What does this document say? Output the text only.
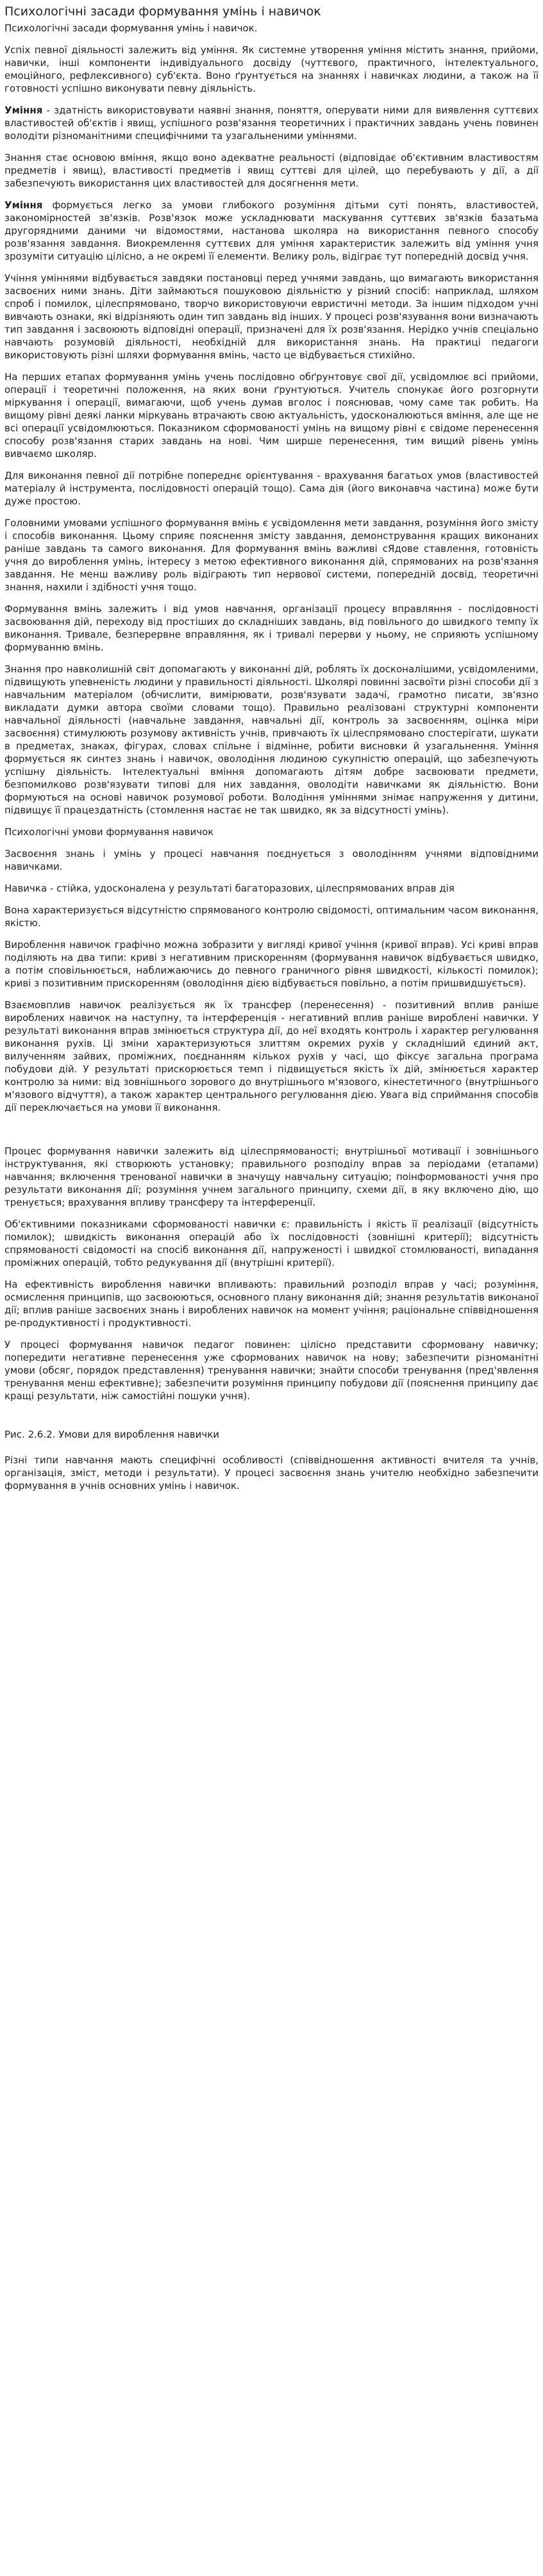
Психологічні засади формування умінь і навичок

Психологічні засади формування умінь і навичок.

Успіх певної діяльності залежить від уміння. Як системне утворення уміння містить знання, прийоми, навички, інші компоненти індивідуального досвіду (чуттєвого, практичного, інтелектуального, емоційного, рефлексивного) суб'єкта. Воно ґрунтується на знаннях і навичках людини, а також на її готовності успішно виконувати певну діяльність.

Уміння - здатність використовувати наявні знання, поняття, оперувати ними для виявлення суттєвих властивостей об'єктів і явищ, успішного розв'язання теоретичних і практичних завдань учень повинен володіти різноманітними специфічними та узагальненими уміннями.

Знання стає основою вміння, якщо воно адекватне реальності (відповідає об'єктивним властивостям предметів і явищ), властивості предметів і явищ суттєві для цілей, що перебувають у дії, а дії забезпечують використання цих властивостей для досягнення мети.

Уміння формується легко за умови глибокого розуміння дітьми суті понять, властивостей, закономірностей зв'язків. Розв'язок може ускладнювати маскування суттєвих зв'язків базатьма другорядними даними чи відомостями, настанова школяра на використання певного способу розв'язання завдання. Виокремлення суттєвих для уміння характеристик залежить від уміння учня зрозуміти ситуацію цілісно, а не окремі її елементи. Велику роль, відіграє тут попередній досвід учня.

Учіння уміннями відбувається завдяки постановці перед учнями завдань, що вимагають використання засвоєних ними знань. Діти займаються пошуковою діяльністю у різний спосіб: наприклад, шляхом спроб і помилок, цілеспрямовано, творчо використовуючи евристичні методи. За іншим підходом учні вивчають ознаки, які відрізняють один тип завдань від інших. У процесі розв'язування вони визначають тип завдання і засвоюють відповідні операції, призначені для їх розв'язання. Нерідко учнів спеціально навчають розумовій діяльності, необхідній для використання знань. На практиці педагоги використовують різні шляхи формування вмінь, часто це відбувається стихійно.

На перших етапах формування умінь учень послідовно обґрунтовує свої дії, усвідомлює всі прийоми, операції і теоретичні положення, на яких вони ґрунтуються. Учитель спонукає його розгорнути міркування і операції, вимагаючи, щоб учень думав вголос і пояснював, чому саме так робить. На вищому рівні деякі ланки міркувань втрачають свою актуальність, удосконалюються вміння, але ще не всі операції усвідомлюються. Показником сформованості умінь на вищому рівні є свідоме перенесення способу розв'язання старих завдань на нові. Чим ширше перенесення, тим вищий рівень умінь вивчаємо школяр.

Для виконання певної дії потрібне попереднє орієнтування - врахування багатьох умов (властивостей матеріалу й інструмента, послідовності операцій тощо). Сама дія (його виконавча частина) може бути дуже простою.

Головними умовами успішного формування вмінь є усвідомлення мети завдання, розуміння його змісту і способів виконання. Цьому сприяє пояснення змісту завдання, демонстрування кращих виконаних раніше завдань та самого виконання. Для формування вмінь важливі сЯдове ставлення, готовність учня до вироблення умінь, інтересу з метою ефективного виконання дій, спрямованих на розв'язання завдання. Не менш важливу роль відіграють тип нервової системи, попередній досвід, теоретичні знання, нахили і здібності учня тощо.

Формування вмінь залежить і від умов навчання, організації процесу вправляння - послідовності засвоювання дій, переходу від простіших до складніших завдань, від повільного до швидкого темпу їх виконання. Тривале, безперервне вправляння, як і тривалі перерви у ньому, не сприяють успішному формуванню вмінь.

Знання про навколишній світ допомагають у виконанні дій, роблять їх досконалішими, усвідомленими, підвищують упевненість людини у правильності діяльності. Школярі повинні засвоїти різні способи дії з навчальним матеріалом (обчислити, вимірювати, розв'язувати задачі, грамотно писати, зв'язно викладати думки автора своїми словами тощо). Правильно реалізовані структурні компоненти навчальної діяльності (навчальне завдання, навчальні дії, контроль за засвоєнням, оцінка міри засвоєння) стимулюють розумову активність учнів, привчають їх цілеспрямовано спостерігати, шукати в предметах, знаках, фігурах, словах спільне і відмінне, робити висновки й узагальнення. Уміння формується як синтез знань і навичок, оволодіння людиною сукупністю операцій, що забезпечують успішну діяльність. Інтелектуальні вміння допомагають дітям добре засвоювати предмети, безпомилково розв'язувати типові для них завдання, оволодіти навичками як діяльністю. Вони формуються на основі навичок розумової роботи. Володіння уміннями знімає напруження у дитини, підвищує її працездатність (стомлення настає не так швидко, як за відсутності умінь).

Психологічні умови формування навичок

Засвоєння знань і умінь у процесі навчання поєднується з оволодінням учнями відповідними навичками.

Навичка - стійка, удосконалена у результаті багаторазових, цілеспрямованих вправ дія

Вона характеризується відсутністю спрямованого контролю свідомості, оптимальним часом виконання, якістю.

Вироблення навичок графічно можна зобразити у вигляді кривої учіння (кривої вправ). Усі криві вправ поділяють на два типи: криві з негативним прискоренням (формування навичок відбувається швидко, а потім сповільнюється, наближаючись до певного граничного рівня швидкості, кількості помилок); криві з позитивним прискоренням (оволодіння дією відбувається повільно, а потім пришвидшується).

Взаємовплив навичок реалізується як їх трансфер (перенесення) - позитивний вплив раніше вироблених навичок на наступну, та інтерференція - негативний вплив раніше вироблені навички. У результаті виконання вправ змінюється структура дії, до неї входять контроль і характер регулювання виконання рухів. Ці зміни характеризуються злиттям окремих рухів у складніший єдиний акт, вилученням зайвих, проміжних, поєднанням кількох рухів у часі, що фіксує загальна програма побудови дій. У результаті прискорюється темп і підвищується якість їх дій, змінюється характер контролю за ними: від зовнішнього зорового до внутрішнього м'язового, кінестетичного (внутрішнього м'язового відчуття), а також характер центрального регулювання дією. Увага від сприймання способів дії переключається на умови її виконання.

Процес формування навички залежить від цілеспрямованості; внутрішньої мотивації і зовнішнього інструктування, які створюють установку; правильного розподілу вправ за періодами (етапами) навчання; включення тренованої навички в значущу навчальну ситуацію; поінформованості учня про результати виконання дії; розуміння учнем загального принципу, схеми дії, в яку включено дію, що тренується; врахування впливу трансферу та інтерференції.

Об'єктивними показниками сформованості навички є: правильність і якість її реалізації (відсутність помилок); швидкість виконання операцій або їх послідовності (зовнішні критерії); відсутність спрямованості свідомості на спосіб виконання дії, напруженості і швидкої стомлюваності, випадання проміжних операцій, тобто редукування дії (внутрішні критерії).

На ефективність вироблення навички впливають: правильний розподіл вправ у часі; розуміння, осмислення принципів, що засвоюються, основного плану виконання дій; знання результатів виконаної дії; вплив раніше засвоєних знань і вироблених навичок на момент учіння; раціональне співвідношення ре-продуктивності і продуктивності.

У процесі формування навичок педагог повинен: цілісно представити сформовану навичку; попередити негативне перенесення уже сформованих навичок на нову; забезпечити різноманітні умови (обсяг, порядок представлення) тренування навички; знайти способи тренування (пред'явлення тренування менш ефективне); забезпечити розуміння принципу побудови дії (пояснення принципу дає кращі результати, ніж самостійні пошуки учня).

Рис. 2.6.2. Умови для вироблення навички

Різні типи навчання мають специфічні особливості (співвідношення активності вчителя та учнів, організація, зміст, методи і результати). У процесі засвоєння знань учителю необхідно забезпечити формування в учнів основних умінь і навичок.
